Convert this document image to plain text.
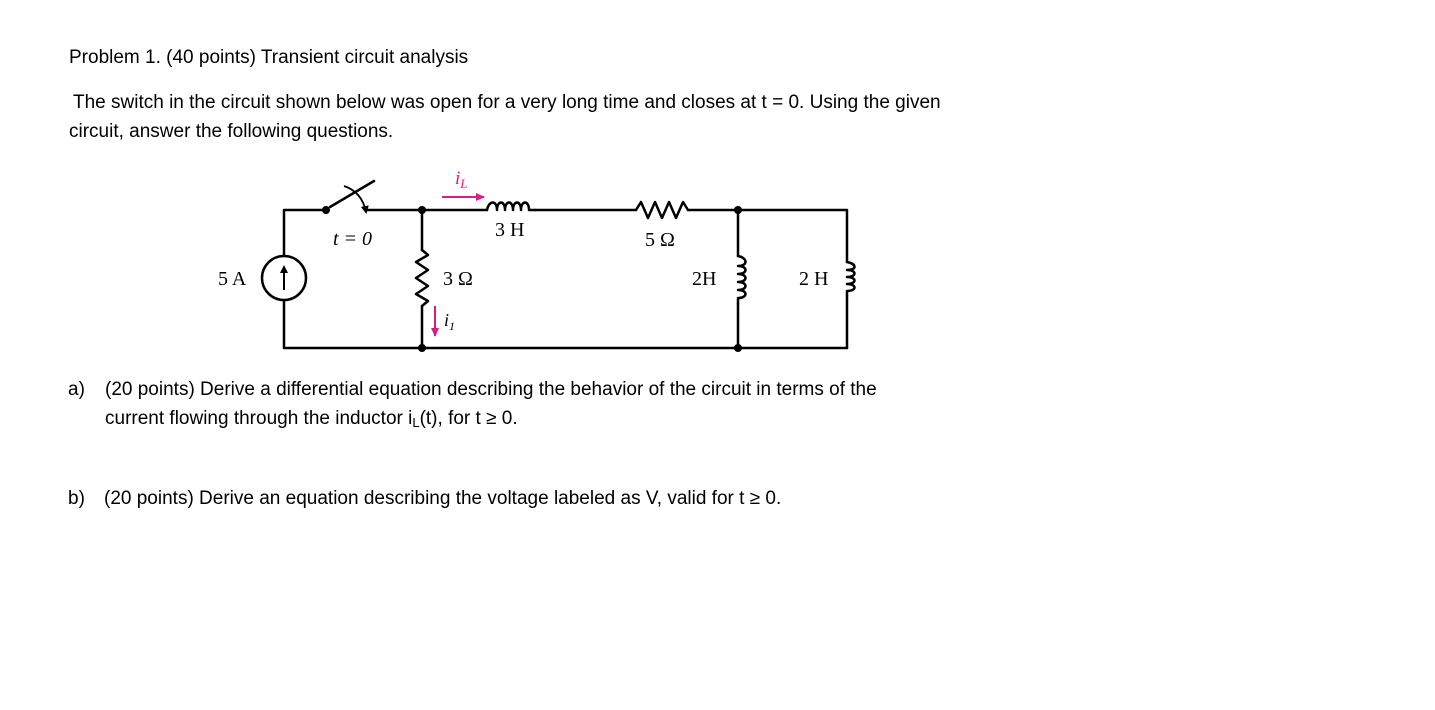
Problem 1. (40 points) Transient circuit analysis
The switch in the circuit shown below was open for a very long time and closes at t = 0. Using the given
circuit, answer the following questions.
5 A
t = 0
3 Ω
3 H	5 Ω
2H	2 H
$i_L$
$i_1$
a) (20 points) Derive a differential equation describing the behavior of the circuit in terms of the
current flowing through the inductor $i_L(t)$, for t ≥ 0.
b) (20 points) Derive an equation describing the voltage labeled as V, valid for t ≥ 0.
